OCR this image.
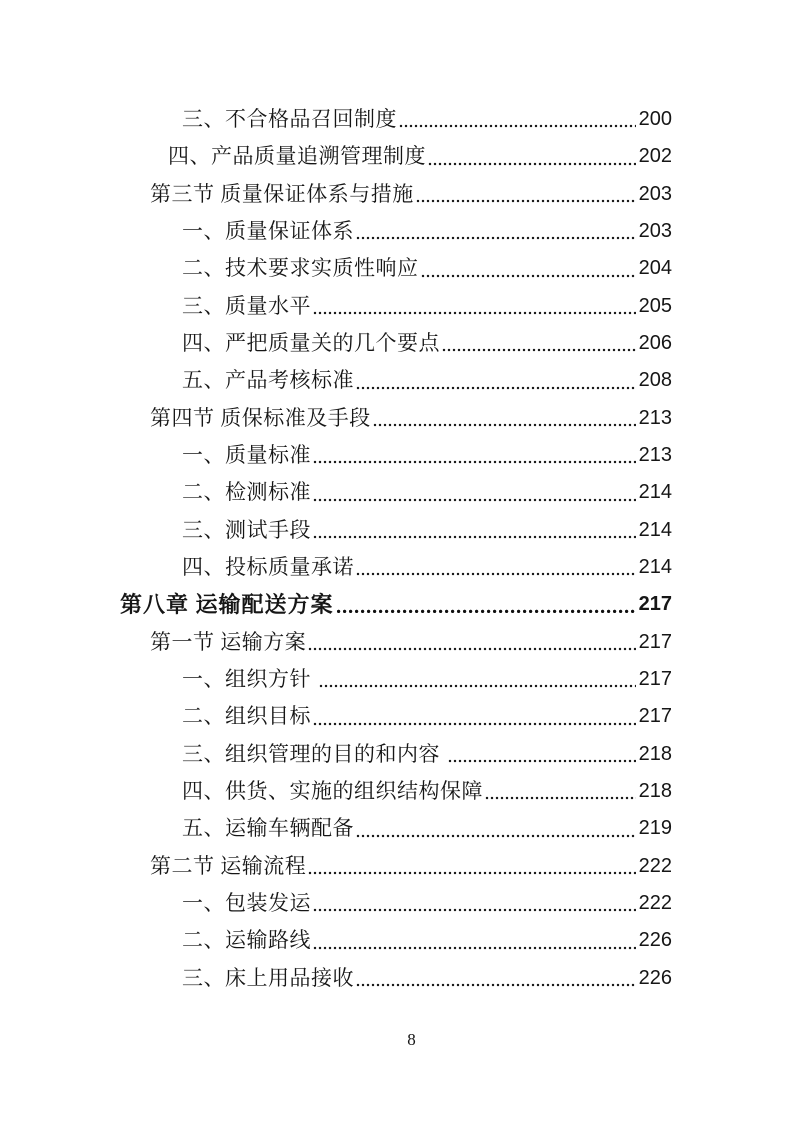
三、不合格品召回制度	200
四、产品质量追溯管理制度	202
第三节 质量保证体系与措施	203
一、质量保证体系	203
二、技术要求实质性响应	204
三、质量水平	205
四、严把质量关的几个要点	206
五、产品考核标准	208
第四节 质保标准及手段	213
一、质量标准	213
二、检测标准	214
三、测试手段	214
四、投标质量承诺	214
第八章 运输配送方案	217
第一节 运输方案	217
一、组织方针	217
二、组织目标	217
三、组织管理的目的和内容	218
四、供货、实施的组织结构保障	218
五、运输车辆配备	219
第二节 运输流程	222
一、包装发运	222
二、运输路线	226
三、床上用品接收	226
8
